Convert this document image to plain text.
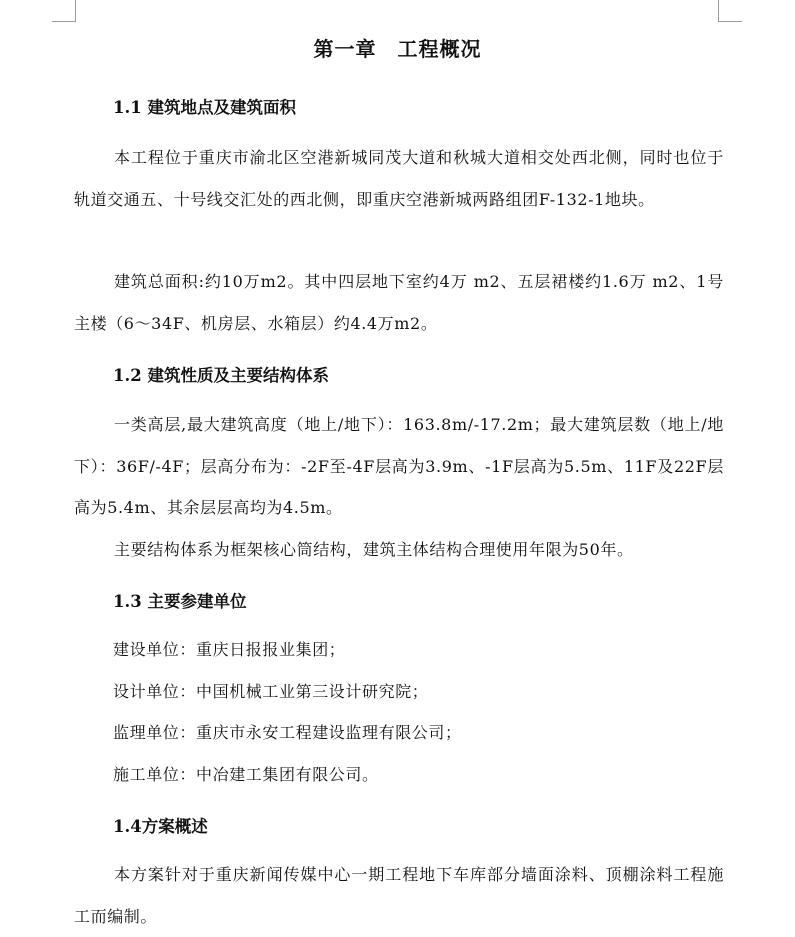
第一章　工程概况
1.1 建筑地点及建筑面积
本工程位于重庆市渝北区空港新城同茂大道和秋城大道相交处西北侧，同时也位于轨道交通五、十号线交汇处的西北侧，即重庆空港新城两路组团F-132-1地块。
建筑总面积:约10万m2。其中四层地下室约4万 m2、五层裙楼约1.6万 m2、1号主楼（6～34F、机房层、水箱层）约4.4万m2。
1.2 建筑性质及主要结构体系
一类高层,最大建筑高度（地上/地下）：163.8m/-17.2m；最大建筑层数（地上/地下）：36F/-4F；层高分布为：-2F至-4F层高为3.9m、-1F层高为5.5m、11F及22F层高为5.4m、其余层层高均为4.5m。
主要结构体系为框架核心筒结构，建筑主体结构合理使用年限为50年。
1.3 主要参建单位
建设单位：重庆日报报业集团；
设计单位：中国机械工业第三设计研究院；
监理单位：重庆市永安工程建设监理有限公司；
施工单位：中冶建工集团有限公司。
1.4方案概述
本方案针对于重庆新闻传媒中心一期工程地下车库部分墙面涂料、顶棚涂料工程施工而编制。
